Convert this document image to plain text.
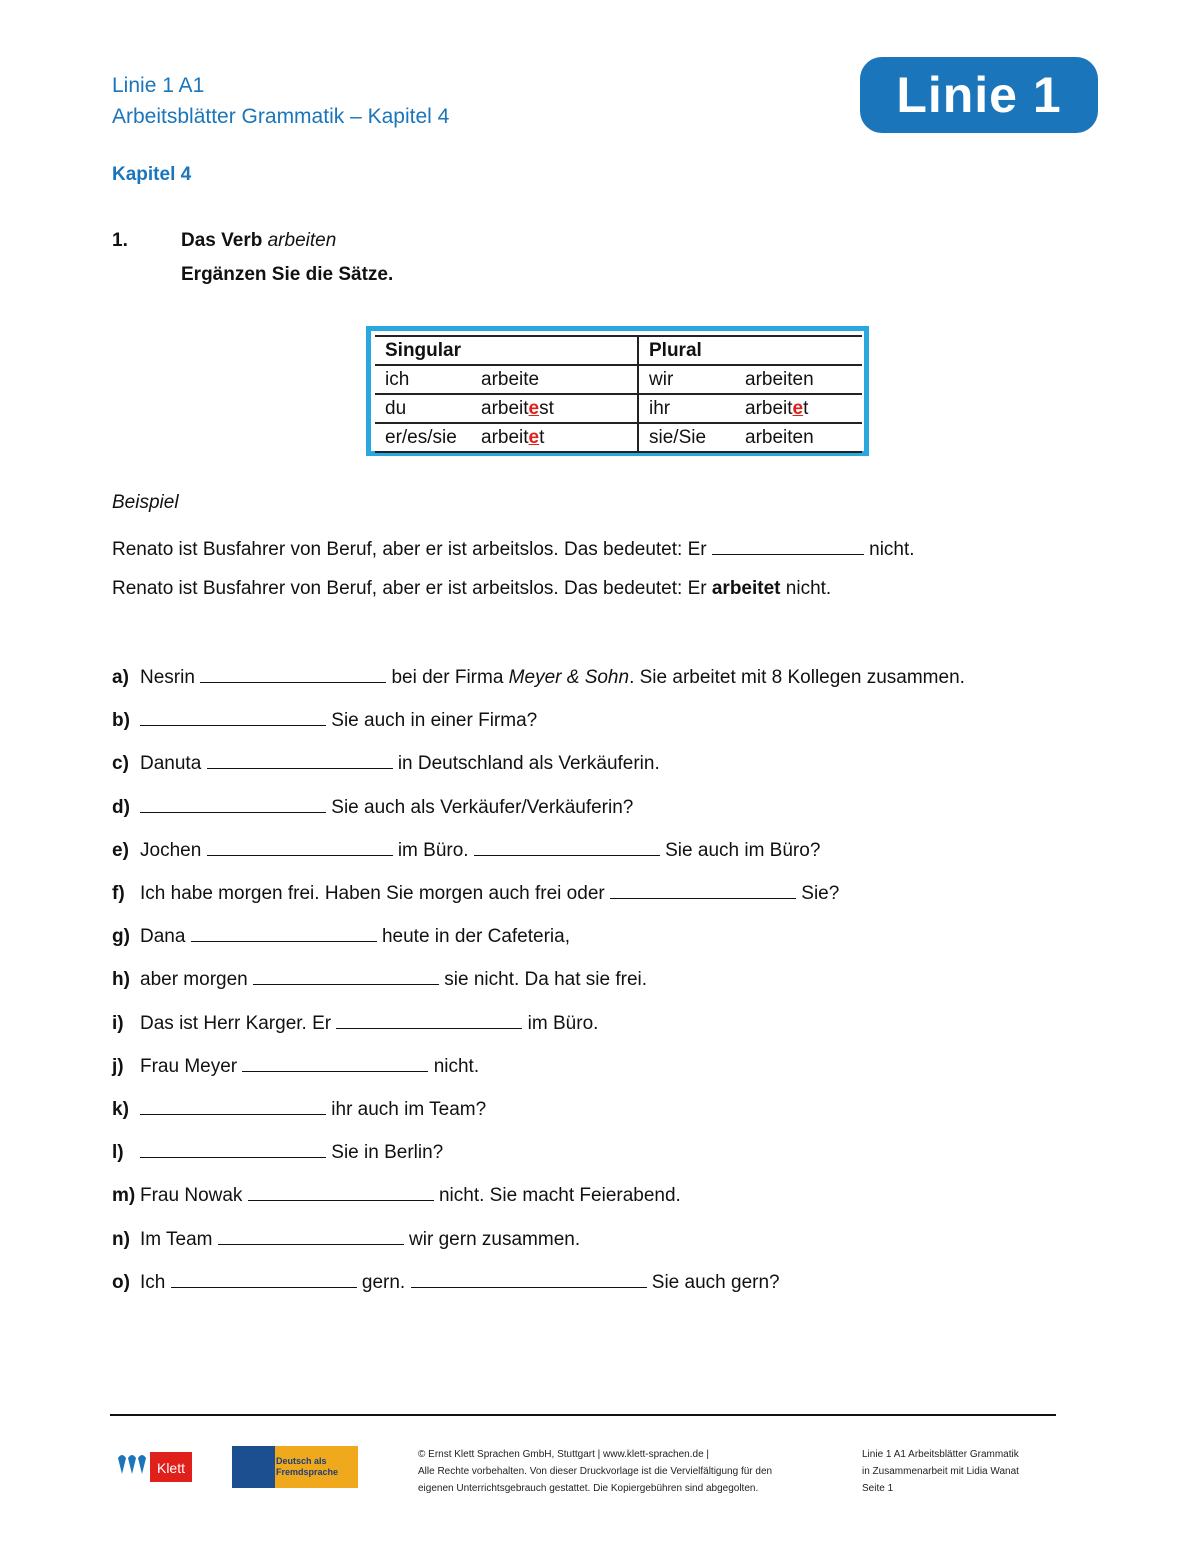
Linie 1 A1
Arbeitsblätter Grammatik – Kapitel 4	Linie 1
Kapitel 4
1.	Das Verb arbeiten
Ergänzen Sie die Sätze.
Singular		Plural	
ich	arbeite	wir	arbeiten
du	arbeitest	ihr	arbeitet
er/es/sie	arbeitet	sie/Sie	arbeiten
Beispiel
Renato ist Busfahrer von Beruf, aber er ist arbeitslos. Das bedeutet: Er	nicht.
Renato ist Busfahrer von Beruf, aber er ist arbeitslos. Das bedeutet: Er arbeitet nicht.
a) Nesrin	bei der Firma Meyer & Sohn. Sie arbeitet mit 8 Kollegen zusammen.
b)	Sie auch in einer Firma?
c) Danuta	in Deutschland als Verkäuferin.
d)	Sie auch als Verkäufer/Verkäuferin?
e) Jochen	im Büro.	Sie auch im Büro?
f) Ich habe morgen frei. Haben Sie morgen auch frei oder	Sie?
g) Dana	heute in der Cafeteria,
h) aber morgen	sie nicht. Da hat sie frei.
i) Das ist Herr Karger. Er	im Büro.
j) Frau Meyer	nicht.
k)	ihr auch im Team?
l)	Sie in Berlin?
m) Frau Nowak	nicht. Sie macht Feierabend.
n) Im Team	wir gern zusammen.
o) Ich	gern.	Sie auch gern?
Klett	Deutsch als Fremdsprache
© Ernst Klett Sprachen GmbH, Stuttgart | www.klett-sprachen.de |
Alle Rechte vorbehalten. Von dieser Druckvorlage ist die Vervielfältigung für den
eigenen Unterrichtsgebrauch gestattet. Die Kopiergebühren sind abgegolten.
Linie 1 A1 Arbeitsblätter Grammatik
in Zusammenarbeit mit Lidia Wanat
Seite 1
